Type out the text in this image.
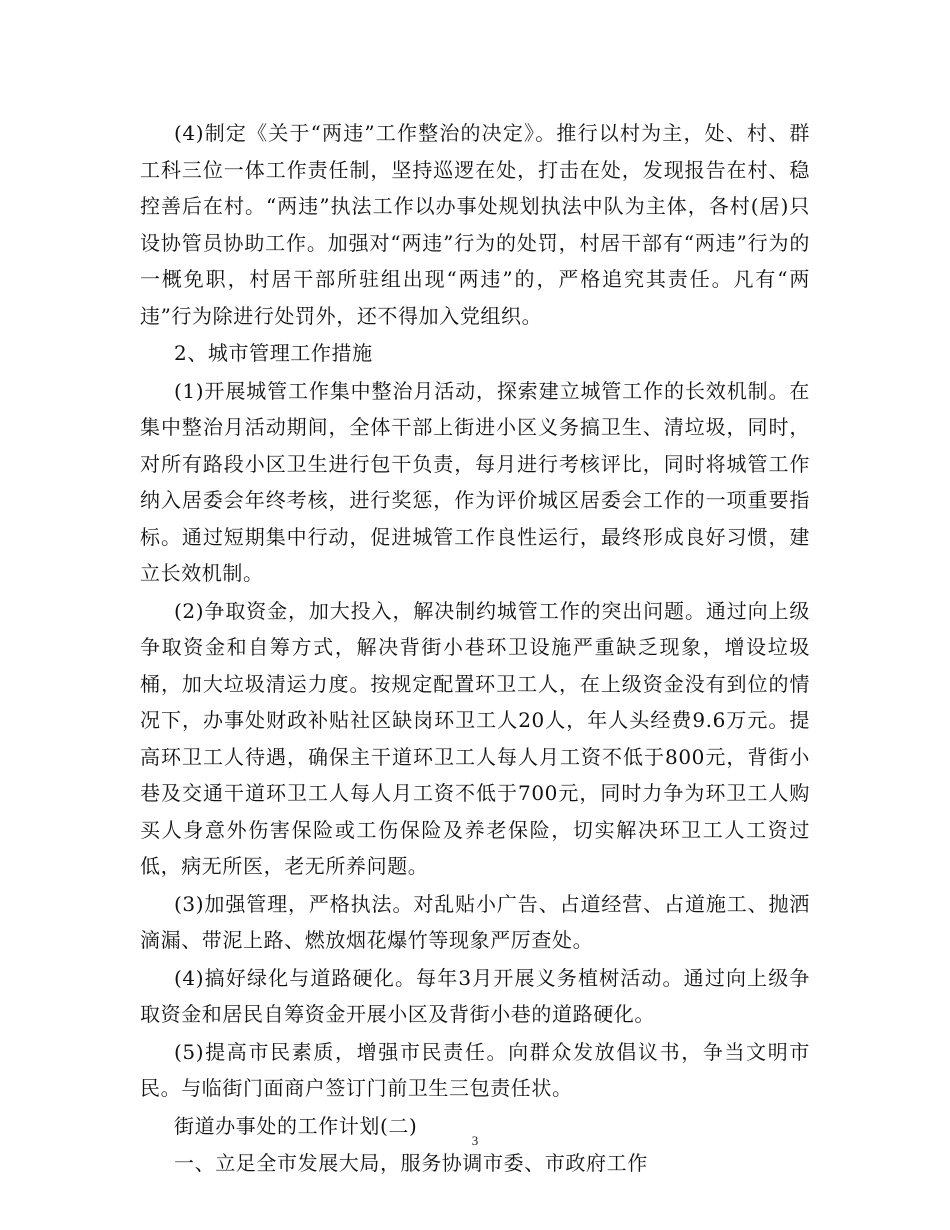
(4)制定《关于“两违”工作整治的决定》。推行以村为主，处、村、群工科三位一体工作责任制，坚持巡逻在处，打击在处，发现报告在村、稳控善后在村。“两违”执法工作以办事处规划执法中队为主体，各村(居)只设协管员协助工作。加强对“两违”行为的处罚，村居干部有“两违”行为的一概免职，村居干部所驻组出现“两违”的，严格追究其责任。凡有“两违”行为除进行处罚外，还不得加入党组织。

2、城市管理工作措施

(1)开展城管工作集中整治月活动，探索建立城管工作的长效机制。在集中整治月活动期间，全体干部上街进小区义务搞卫生、清垃圾，同时，对所有路段小区卫生进行包干负责，每月进行考核评比，同时将城管工作纳入居委会年终考核，进行奖惩，作为评价城区居委会工作的一项重要指标。通过短期集中行动，促进城管工作良性运行，最终形成良好习惯，建立长效机制。

(2)争取资金，加大投入，解决制约城管工作的突出问题。通过向上级争取资金和自筹方式，解决背街小巷环卫设施严重缺乏现象，增设垃圾桶，加大垃圾清运力度。按规定配置环卫工人，在上级资金没有到位的情况下，办事处财政补贴社区缺岗环卫工人20人，年人头经费9.6万元。提高环卫工人待遇，确保主干道环卫工人每人月工资不低于800元，背街小巷及交通干道环卫工人每人月工资不低于700元，同时力争为环卫工人购买人身意外伤害保险或工伤保险及养老保险，切实解决环卫工人工资过低，病无所医，老无所养问题。

(3)加强管理，严格执法。对乱贴小广告、占道经营、占道施工、抛洒滴漏、带泥上路、燃放烟花爆竹等现象严厉查处。

(4)搞好绿化与道路硬化。每年3月开展义务植树活动。通过向上级争取资金和居民自筹资金开展小区及背街小巷的道路硬化。

(5)提高市民素质，增强市民责任。向群众发放倡议书，争当文明市民。与临街门面商户签订门前卫生三包责任状。

街道办事处的工作计划(二)

一、立足全市发展大局，服务协调市委、市政府工作

3
